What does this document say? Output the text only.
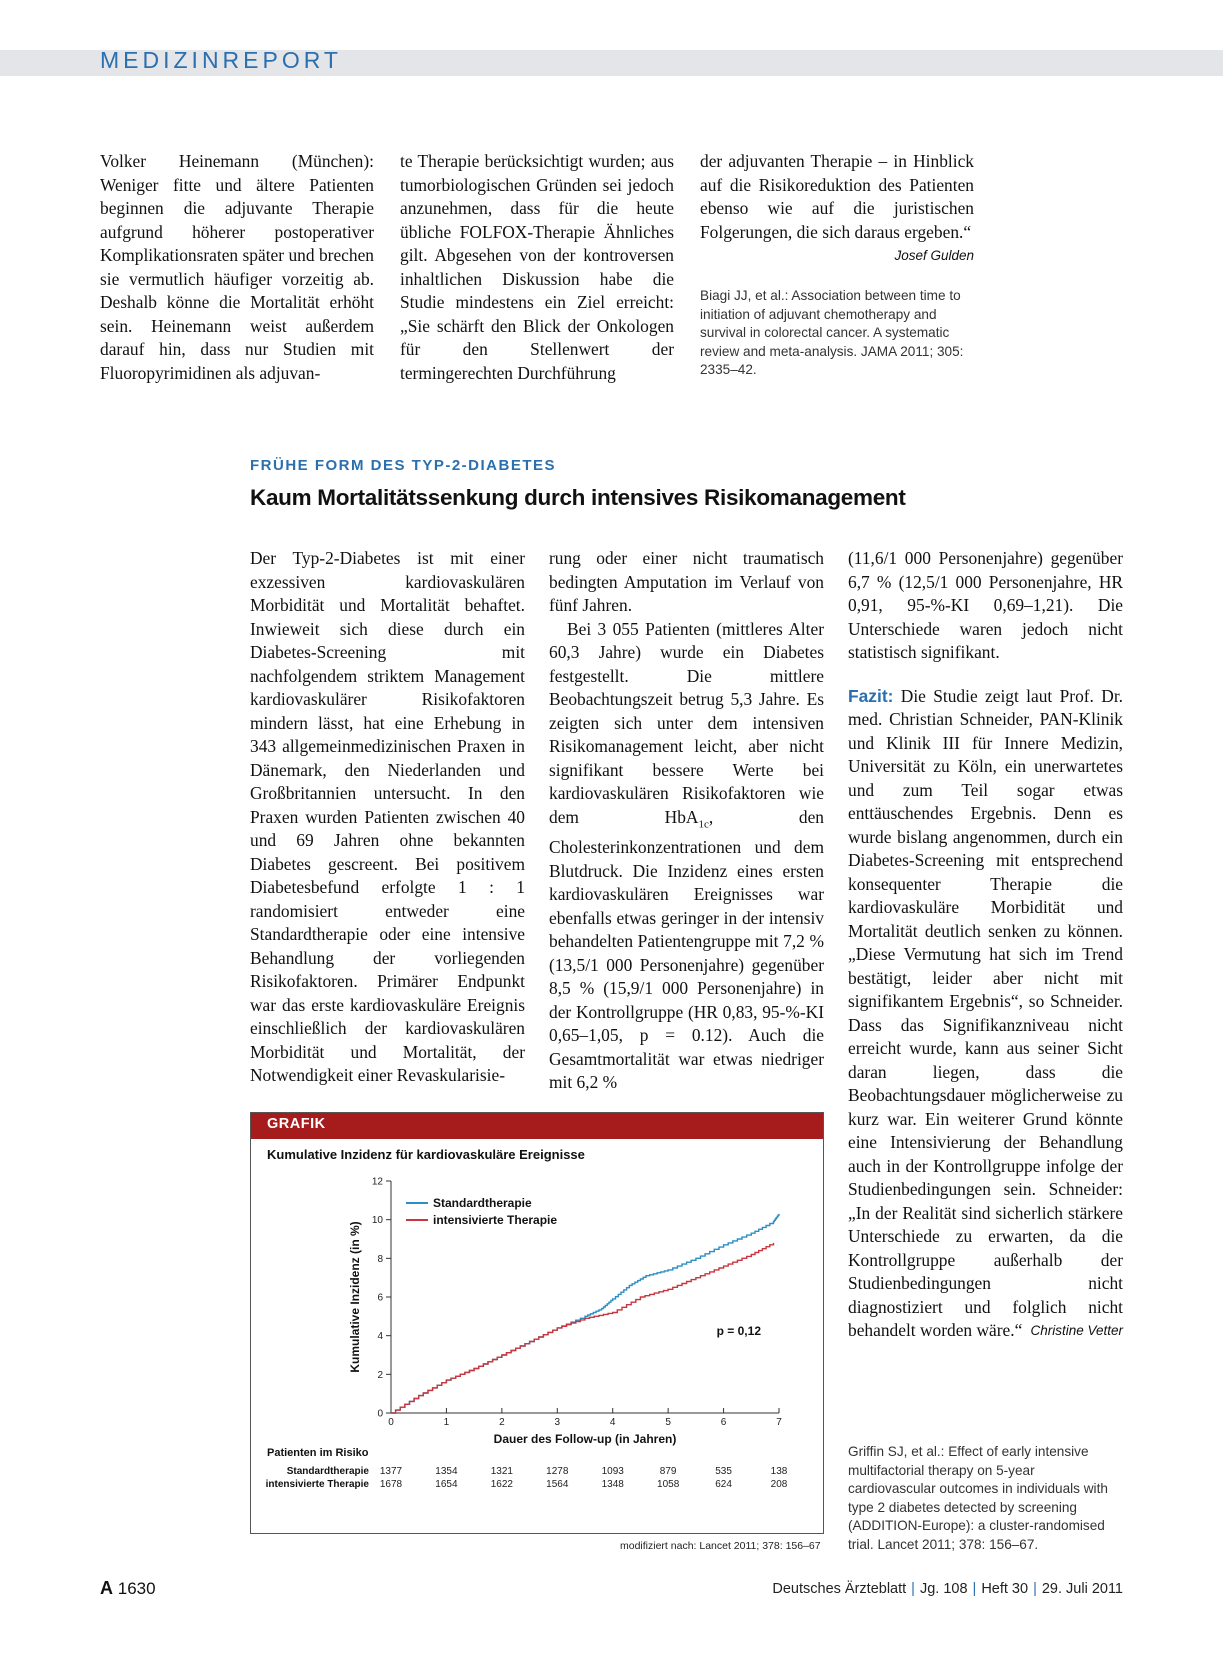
MEDIZINREPORT

Volker Heinemann (München): Weniger fitte und ältere Patienten beginnen die adjuvante Therapie aufgrund höherer postoperativer Komplikationsraten später und brechen sie vermutlich häufiger vorzeitig ab. Deshalb könne die Mortalität erhöht sein. Heinemann weist außerdem darauf hin, dass nur Studien mit Fluoropyrimidinen als adjuvan-

te Therapie berücksichtigt wurden; aus tumorbiologischen Gründen sei jedoch anzunehmen, dass für die heute übliche FOLFOX-Therapie Ähnliches gilt. Abgesehen von der kontroversen inhaltlichen Diskussion habe die Studie mindestens ein Ziel erreicht: „Sie schärft den Blick der Onkologen für den Stellenwert der termingerechten Durchführung

der adjuvanten Therapie – in Hinblick auf die Risikoreduktion des Patienten ebenso wie auf die juristischen Folgerungen, die sich daraus ergeben.“
Josef Gulden

Biagi JJ, et al.: Association between time to initiation of adjuvant chemotherapy and survival in colorectal cancer. A systematic review and meta-analysis. JAMA 2011; 305: 2335–42.
FRÜHE FORM DES TYP-2-DIABETES
Kaum Mortalitätssenkung durch intensives Risikomanagement

Der Typ-2-Diabetes ist mit einer exzessiven kardiovaskulären Morbidität und Mortalität behaftet. Inwieweit sich diese durch ein Diabetes-Screening mit nachfolgendem striktem Management kardiovaskulärer Risikofaktoren mindern lässt, hat eine Erhebung in 343 allgemeinmedizinischen Praxen in Dänemark, den Niederlanden und Großbritannien untersucht. In den Praxen wurden Patienten zwischen 40 und 69 Jahren ohne bekannten Diabetes gescreent. Bei positivem Diabetesbefund erfolgte 1 : 1 randomisiert entweder eine Standardtherapie oder eine intensive Behandlung der vorliegenden Risikofaktoren. Primärer Endpunkt war das erste kardiovaskuläre Ereignis einschließlich der kardiovaskulären Morbidität und Mortalität, der Notwendigkeit einer Revaskularisie-

rung oder einer nicht traumatisch bedingten Amputation im Verlauf von fünf Jahren.

Bei 3 055 Patienten (mittleres Alter 60,3 Jahre) wurde ein Diabetes festgestellt. Die mittlere Beobachtungszeit betrug 5,3 Jahre. Es zeigten sich unter dem intensiven Risikomanagement leicht, aber nicht signifikant bessere Werte bei kardiovaskulären Risikofaktoren wie dem HbA$_{1c}$, den Cholesterinkonzentrationen und dem Blutdruck. Die Inzidenz eines ersten kardiovaskulären Ereignisses war ebenfalls etwas geringer in der intensiv behandelten Patientengruppe mit 7,2 % (13,5/1 000 Personenjahre) gegenüber 8,5 % (15,9/1 000 Personenjahre) in der Kontrollgruppe (HR 0,83, 95-%-KI 0,65–1,05, p = 0.12). Auch die Gesamtmortalität war etwas niedriger mit 6,2 %

(11,6/1 000 Personenjahre) gegenüber 6,7 % (12,5/1 000 Personenjahre, HR 0,91, 95-%-KI 0,69–1,21). Die Unterschiede waren jedoch nicht statistisch signifikant.

Fazit: Die Studie zeigt laut Prof. Dr. med. Christian Schneider, PAN-Klinik und Klinik III für Innere Medizin, Universität zu Köln, ein unerwartetes und zum Teil sogar etwas enttäuschendes Ergebnis. Denn es wurde bislang angenommen, durch ein Diabetes-Screening mit entsprechend konsequenter Therapie die kardiovaskuläre Morbidität und Mortalität deutlich senken zu können. „Diese Vermutung hat sich im Trend bestätigt, leider aber nicht mit signifikantem Ergebnis“, so Schneider. Dass das Signifikanzniveau nicht erreicht wurde, kann aus seiner Sicht daran liegen, dass die Beobachtungsdauer möglicherweise zu kurz war. Ein weiterer Grund könnte eine Intensivierung der Behandlung auch in der Kontrollgruppe infolge der Studienbedingungen sein. Schneider: „In der Realität sind sicherlich stärkere Unterschiede zu erwarten, da die Kontrollgruppe außerhalb der Studienbedingungen nicht diagnostiziert und folglich nicht behandelt worden wäre.“ Christine Vetter

Griffin SJ, et al.: Effect of early intensive multifactorial therapy on 5-year cardiovascular outcomes in individuals with type 2 diabetes detected by screening (ADDITION-Europe): a cluster-randomised trial. Lancet 2011; 378: 156–67.
GRAFIK
Kumulative Inzidenz für kardiovaskuläre Ereignisse
0
2
4
6
8
10
12
0	1	2	3	4	5	6	7
Dauer des Follow-up (in Jahren)
Kumulative Inzidenz (in %)
Standardtherapie
intensivierte Therapie
p = 0,12
Patienten im Risiko
Standardtherapie 1377	1354	1321	1278	1093	879	535	138
intensivierte Therapie 1678	1654	1622	1564	1348	1058	624	208
modifiziert nach: Lancet 2011; 378: 156–67
A 1630	Deutsches Ärzteblatt | Jg. 108 | Heft 30 | 29. Juli 2011
